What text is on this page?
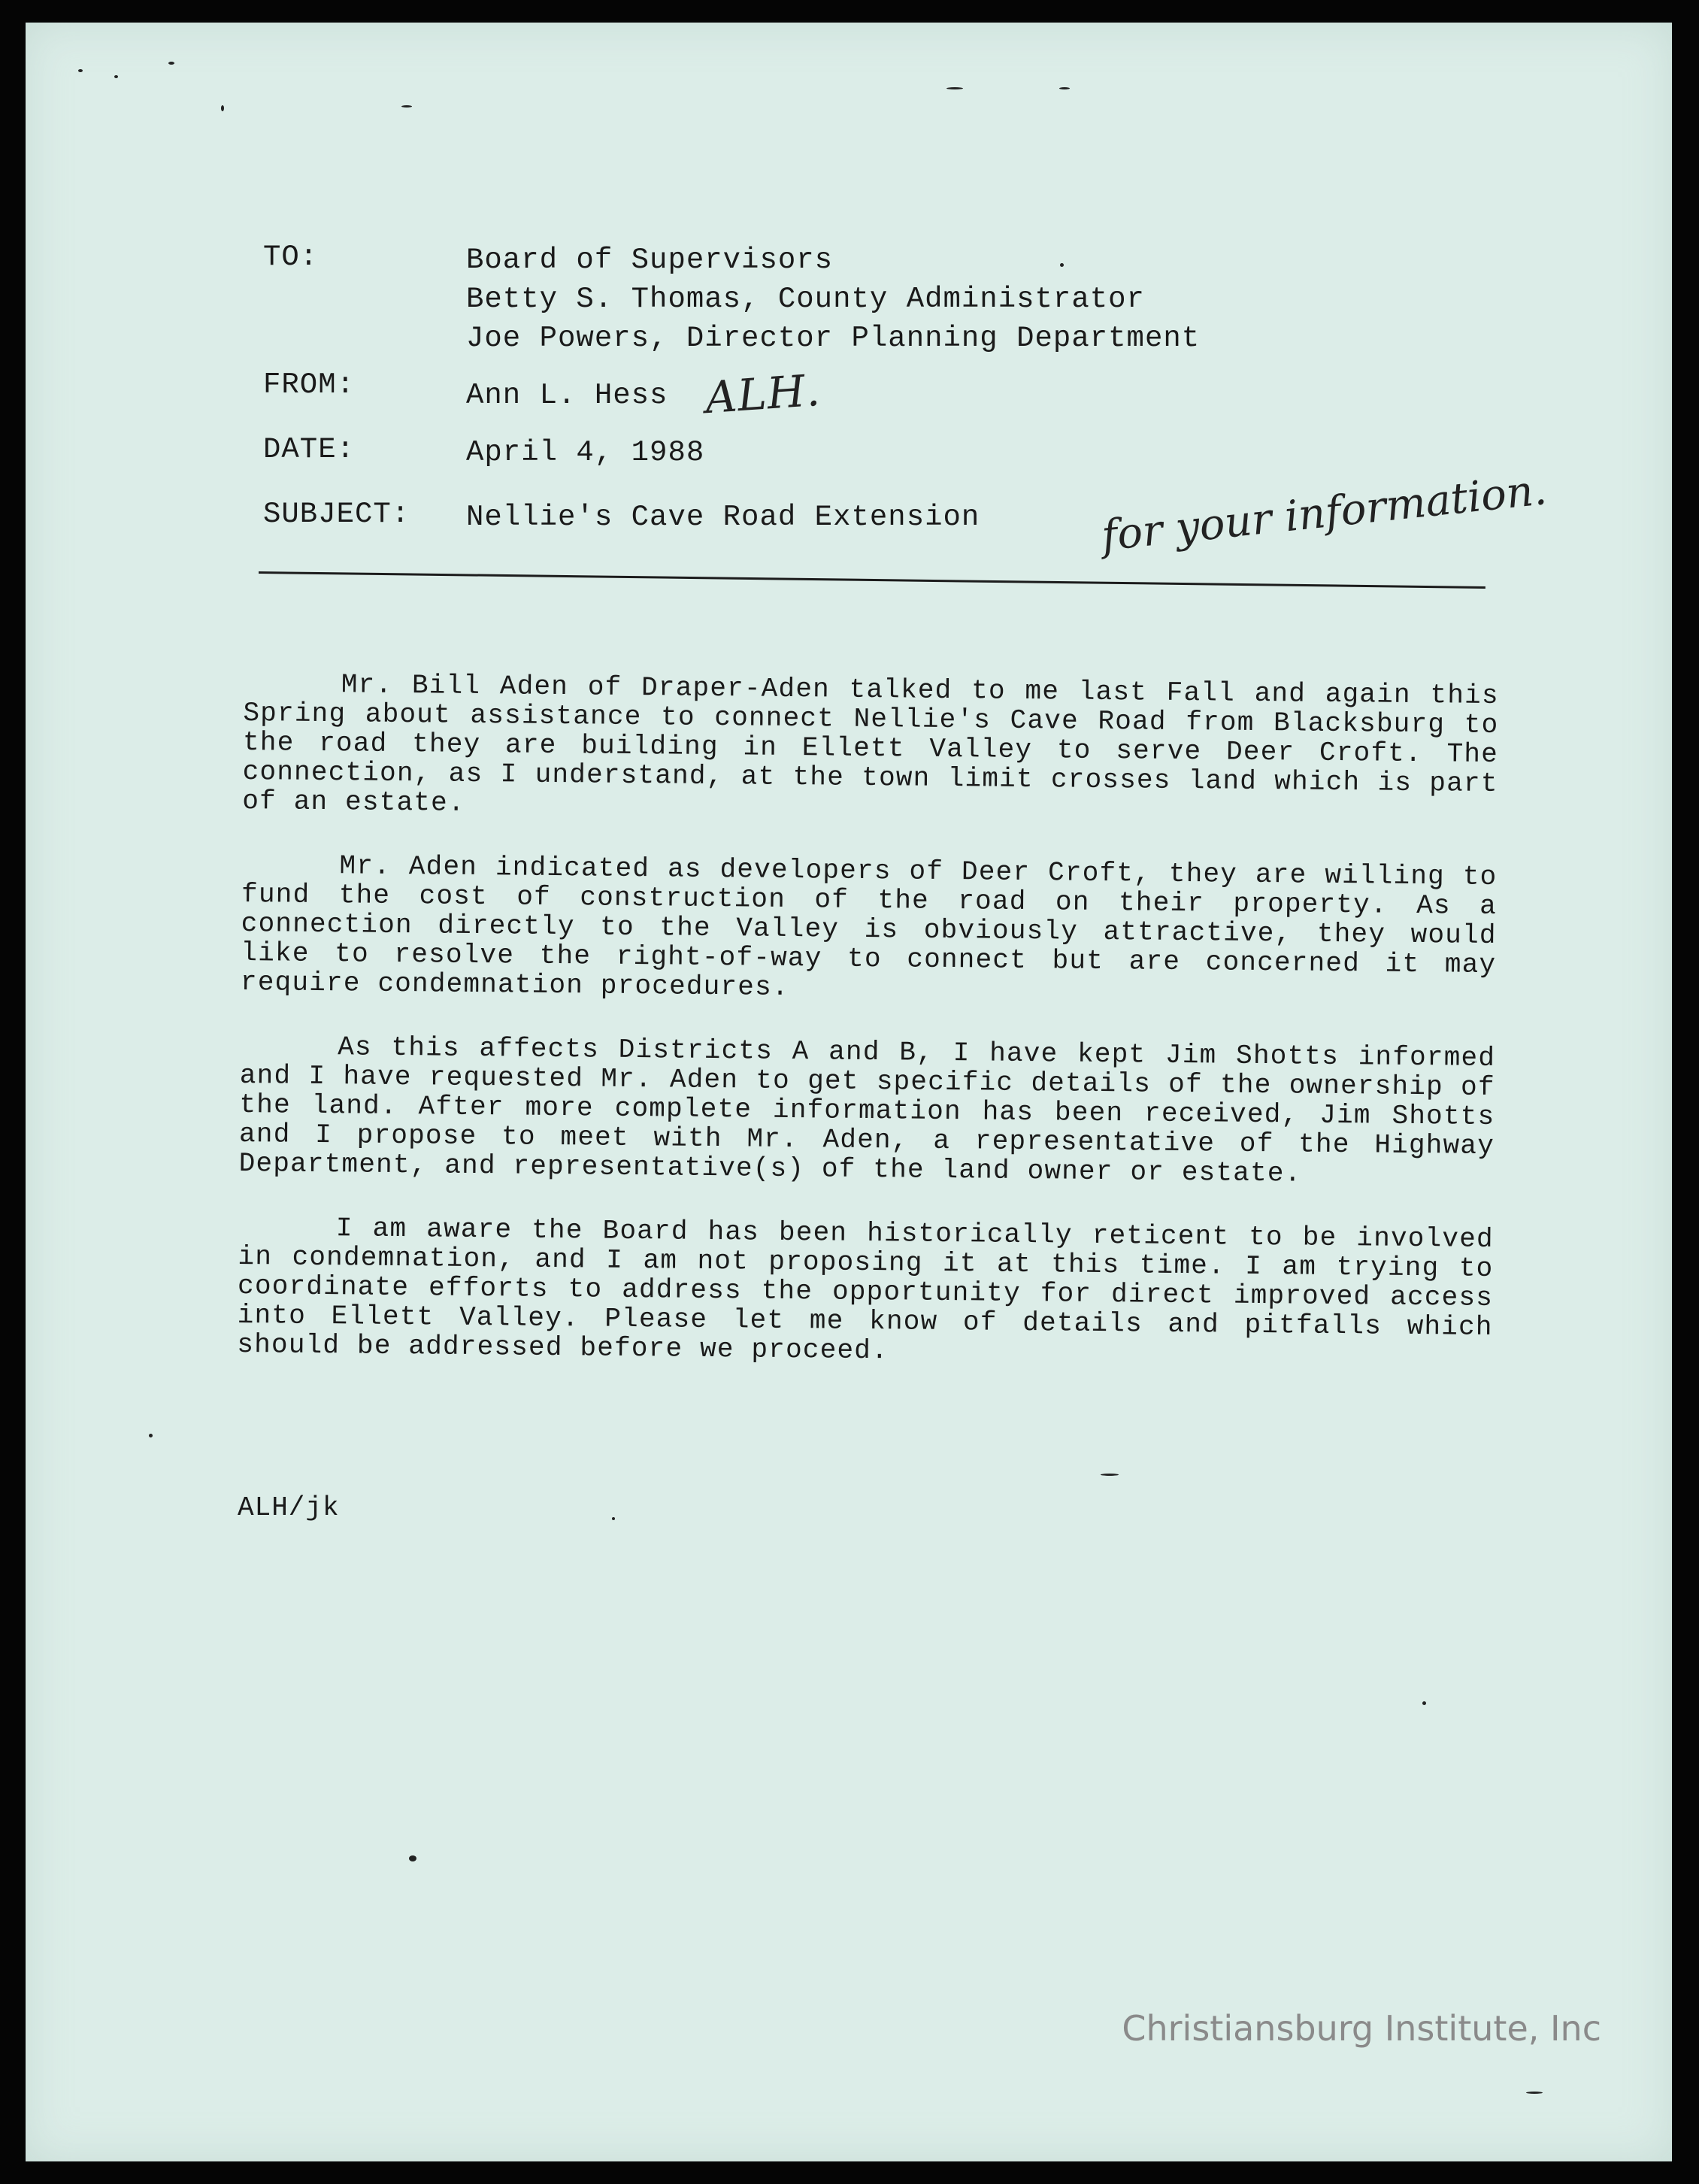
TO:	Board of Supervisors
Betty S. Thomas, County Administrator
Joe Powers, Director Planning Department
FROM:	Ann L. Hess ALH.
DATE:	April 4, 1988
SUBJECT:	Nellie's Cave Road Extension	for your information.

Mr. Bill Aden of Draper-Aden talked to me last Fall and again this Spring about assistance to connect Nellie's Cave Road from Blacksburg to the road they are building in Ellett Valley to serve Deer Croft. The connection, as I understand, at the town limit crosses land which is part of an estate.

Mr. Aden indicated as developers of Deer Croft, they are willing to fund the cost of construction of the road on their property. As a connection directly to the Valley is obviously attractive, they would like to resolve the right-of-way to connect but are concerned it may require condemnation procedures.

As this affects Districts A and B, I have kept Jim Shotts informed and I have requested Mr. Aden to get specific details of the ownership of the land. After more complete information has been received, Jim Shotts and I propose to meet with Mr. Aden, a representative of the Highway Department, and representative(s) of the land owner or estate.

I am aware the Board has been historically reticent to be involved in condemnation, and I am not proposing it at this time. I am trying to coordinate efforts to address the opportunity for direct improved access into Ellett Valley. Please let me know of details and pitfalls which should be addressed before we proceed.

ALH/jk
Christiansburg Institute, Inc
